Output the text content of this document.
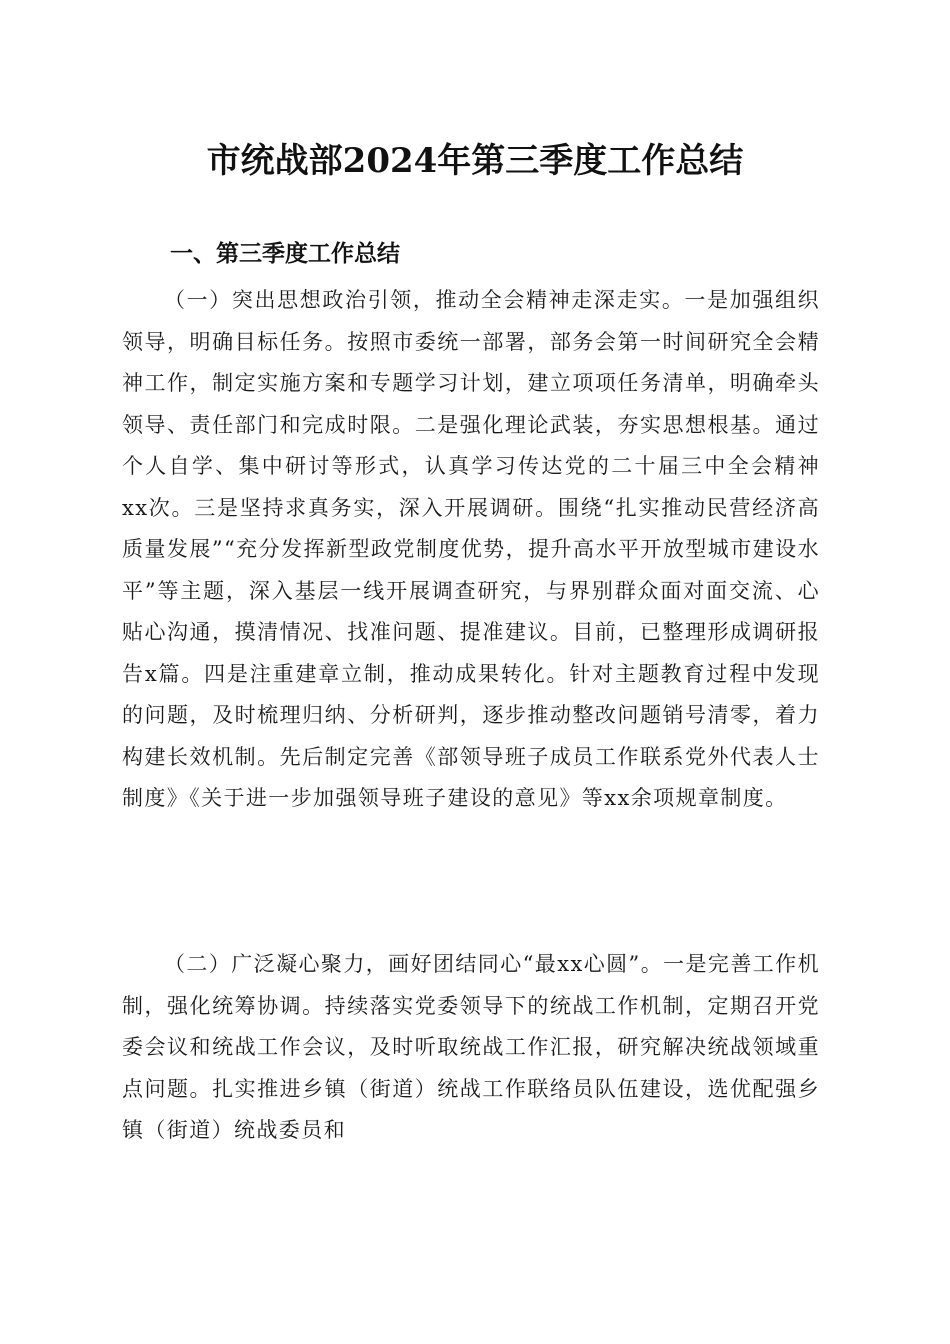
市统战部2024年第三季度工作总结
一、第三季度工作总结

（一）突出思想政治引领，推动全会精神走深走实。一是加强组织领导，明确目标任务。按照市委统一部署，部务会第一时间研究全会精神工作，制定实施方案和专题学习计划，建立项项任务清单，明确牵头领导、责任部门和完成时限。二是强化理论武装，夯实思想根基。通过个人自学、集中研讨等形式，认真学习传达党的二十届三中全会精神xx次。三是坚持求真务实，深入开展调研。围绕“扎实推动民营经济高质量发展”“充分发挥新型政党制度优势，提升高水平开放型城市建设水平”等主题，深入基层一线开展调查研究，与界别群众面对面交流、心贴心沟通，摸清情况、找准问题、提准建议。目前，已整理形成调研报告x篇。四是注重建章立制，推动成果转化。针对主题教育过程中发现的问题，及时梳理归纳、分析研判，逐步推动整改问题销号清零，着力构建长效机制。先后制定完善《部领导班子成员工作联系党外代表人士制度》《关于进一步加强领导班子建设的意见》等xx余项规章制度。

（二）广泛凝心聚力，画好团结同心“最xx心圆”。一是完善工作机制，强化统筹协调。持续落实党委领导下的统战工作机制，定期召开党委会议和统战工作会议，及时听取统战工作汇报，研究解决统战领域重点问题。扎实推进乡镇（街道）统战工作联络员队伍建设，选优配强乡镇（街道）统战委员和
